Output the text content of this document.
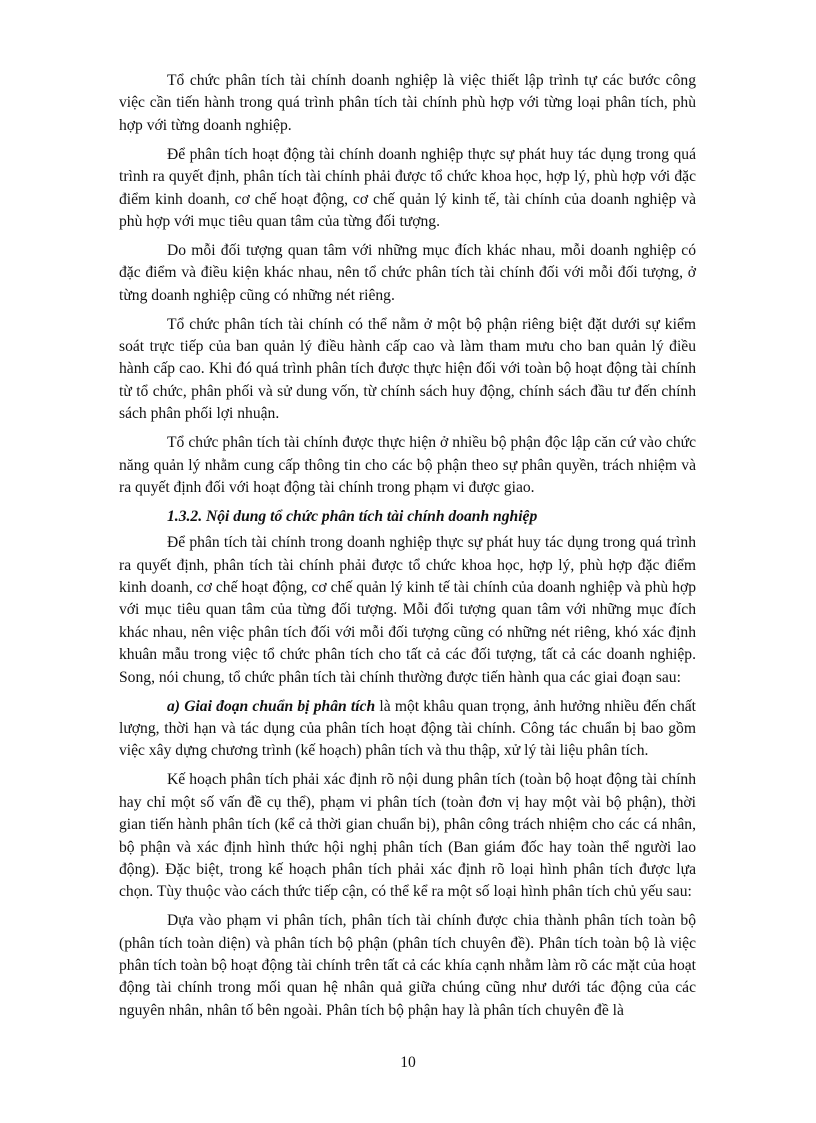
Tổ chức phân tích tài chính doanh nghiệp là việc thiết lập trình tự các bước công việc cần tiến hành trong quá trình phân tích tài chính phù hợp với từng loại phân tích, phù hợp với từng doanh nghiệp.

Để phân tích hoạt động tài chính doanh nghiệp thực sự phát huy tác dụng trong quá trình ra quyết định, phân tích tài chính phải được tổ chức khoa học, hợp lý, phù hợp với đặc điểm kinh doanh, cơ chế hoạt động, cơ chế quản lý kinh tế, tài chính của doanh nghiệp và phù hợp với mục tiêu quan tâm của từng đối tượng.

Do mỗi đối tượng quan tâm với những mục đích khác nhau, mỗi doanh nghiệp có đặc điểm và điều kiện khác nhau, nên tổ chức phân tích tài chính đối với mỗi đối tượng, ở từng doanh nghiệp cũng có những nét riêng.

Tổ chức phân tích tài chính có thể nằm ở một bộ phận riêng biệt đặt dưới sự kiểm soát trực tiếp của ban quản lý điều hành cấp cao và làm tham mưu cho ban quản lý điều hành cấp cao. Khi đó quá trình phân tích được thực hiện đối với toàn bộ hoạt động tài chính từ tổ chức, phân phối và sử dung vốn, từ chính sách huy động, chính sách đầu tư đến chính sách phân phối lợi nhuận.

Tổ chức phân tích tài chính được thực hiện ở nhiều bộ phận độc lập căn cứ vào chức năng quản lý nhằm cung cấp thông tin cho các bộ phận theo sự phân quyền, trách nhiệm và ra quyết định đối với hoạt động tài chính trong phạm vi được giao.

1.3.2. Nội dung tổ chức phân tích tài chính doanh nghiệp

Để phân tích tài chính trong doanh nghiệp thực sự phát huy tác dụng trong quá trình ra quyết định, phân tích tài chính phải được tổ chức khoa học, hợp lý, phù hợp đặc điểm kinh doanh, cơ chế hoạt động, cơ chế quản lý kinh tế tài chính của doanh nghiệp và phù hợp với mục tiêu quan tâm của từng đối tượng. Mỗi đối tượng quan tâm với những mục đích khác nhau, nên việc phân tích đối với mỗi đối tượng cũng có những nét riêng, khó xác định khuân mẫu trong việc tổ chức phân tích cho tất cả các đối tượng, tất cả các doanh nghiệp. Song, nói chung, tổ chức phân tích tài chính thường được tiến hành qua các giai đoạn sau:

a) Giai đoạn chuẩn bị phân tích là một khâu quan trọng, ảnh hưởng nhiều đến chất lượng, thời hạn và tác dụng của phân tích hoạt động tài chính. Công tác chuẩn bị bao gồm việc xây dựng chương trình (kế hoạch) phân tích và thu thập, xử lý tài liệu phân tích.

Kế hoạch phân tích phải xác định rõ nội dung phân tích (toàn bộ hoạt động tài chính hay chỉ một số vấn đề cụ thể), phạm vi phân tích (toàn đơn vị hay một vài bộ phận), thời gian tiến hành phân tích (kể cả thời gian chuẩn bị), phân công trách nhiệm cho các cá nhân, bộ phận và xác định hình thức hội nghị phân tích (Ban giám đốc hay toàn thể người lao động). Đặc biệt, trong kế hoạch phân tích phải xác định rõ loại hình phân tích được lựa chọn. Tùy thuộc vào cách thức tiếp cận, có thể kể ra một số loại hình phân tích chủ yếu sau:

Dựa vào phạm vi phân tích, phân tích tài chính được chia thành phân tích toàn bộ (phân tích toàn diện) và phân tích bộ phận (phân tích chuyên đề). Phân tích toàn bộ là việc phân tích toàn bộ hoạt động tài chính trên tất cả các khía cạnh nhằm làm rõ các mặt của hoạt động tài chính trong mối quan hệ nhân quả giữa chúng cũng như dưới tác động của các nguyên nhân, nhân tố bên ngoài. Phân tích bộ phận hay là phân tích chuyên đề là

10
